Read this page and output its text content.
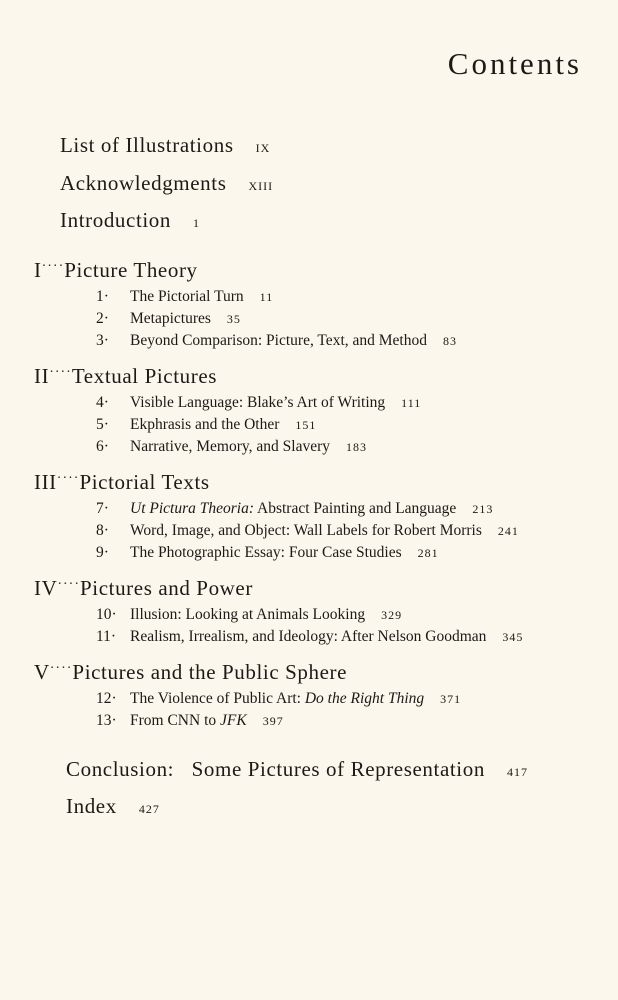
Contents
List of Illustrations IX
Acknowledgments XIII
Introduction 1
I····Picture Theory
1· The Pictorial Turn 11
2· Metapictures 35
3· Beyond Comparison: Picture, Text, and Method 83
II····Textual Pictures
4· Visible Language: Blake’s Art of Writing 111
5· Ekphrasis and the Other 151
6· Narrative, Memory, and Slavery 183
III····Pictorial Texts
7· Ut Pictura Theoria: Abstract Painting and Language 213
8· Word, Image, and Object: Wall Labels for Robert Morris 241
9· The Photographic Essay: Four Case Studies 281
IV····Pictures and Power
10· Illusion: Looking at Animals Looking 329
11· Realism, Irrealism, and Ideology: After Nelson Goodman 345
V····Pictures and the Public Sphere
12· The Violence of Public Art: Do the Right Thing 371
13· From CNN to JFK 397
Conclusion:   Some Pictures of Representation 417
Index 427
